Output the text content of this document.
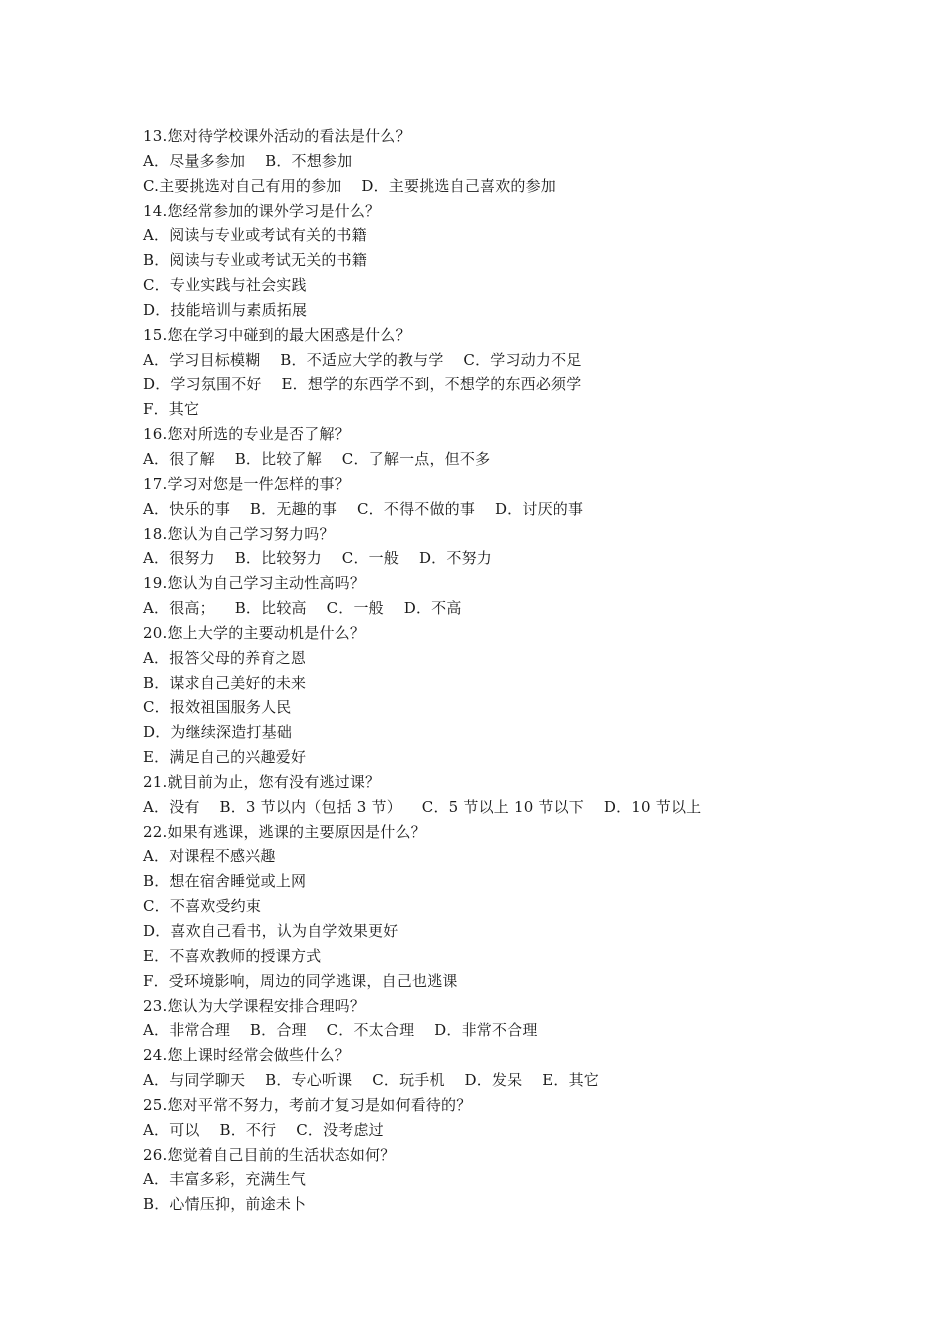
13.您对待学校课外活动的看法是什么？
A．尽量多参加    B．不想参加
C.主要挑选对自己有用的参加    D．主要挑选自己喜欢的参加
14.您经常参加的课外学习是什么？
A．阅读与专业或考试有关的书籍
B．阅读与专业或考试无关的书籍
C．专业实践与社会实践
D．技能培训与素质拓展
15.您在学习中碰到的最大困惑是什么？
A．学习目标模糊    B．不适应大学的教与学    C．学习动力不足
D．学习氛围不好    E．想学的东西学不到，不想学的东西必须学
F．其它
16.您对所选的专业是否了解？
A．很了解    B．比较了解    C．了解一点，但不多
17.学习对您是一件怎样的事？
A．快乐的事    B．无趣的事    C．不得不做的事    D．讨厌的事
18.您认为自己学习努力吗？
A．很努力    B．比较努力    C．一般    D．不努力
19.您认为自己学习主动性高吗？
A．很高；    B．比较高    C．一般    D．不高
20.您上大学的主要动机是什么？
A．报答父母的养育之恩
B．谋求自己美好的未来
C．报效祖国服务人民
D．为继续深造打基础
E．满足自己的兴趣爱好
21.就目前为止，您有没有逃过课？
A．没有    B．3 节以内（包括 3 节）    C．5 节以上 10 节以下    D．10 节以上
22.如果有逃课，逃课的主要原因是什么？
A．对课程不感兴趣
B．想在宿舍睡觉或上网
C．不喜欢受约束
D．喜欢自己看书，认为自学效果更好
E．不喜欢教师的授课方式
F．受环境影响，周边的同学逃课，自己也逃课
23.您认为大学课程安排合理吗？
A．非常合理    B．合理    C．不太合理    D．非常不合理
24.您上课时经常会做些什么？
A．与同学聊天    B．专心听课    C．玩手机    D．发呆    E．其它
25.您对平常不努力，考前才复习是如何看待的？
A．可以    B．不行    C．没考虑过
26.您觉着自己目前的生活状态如何？
A．丰富多彩，充满生气
B．心情压抑，前途未卜
